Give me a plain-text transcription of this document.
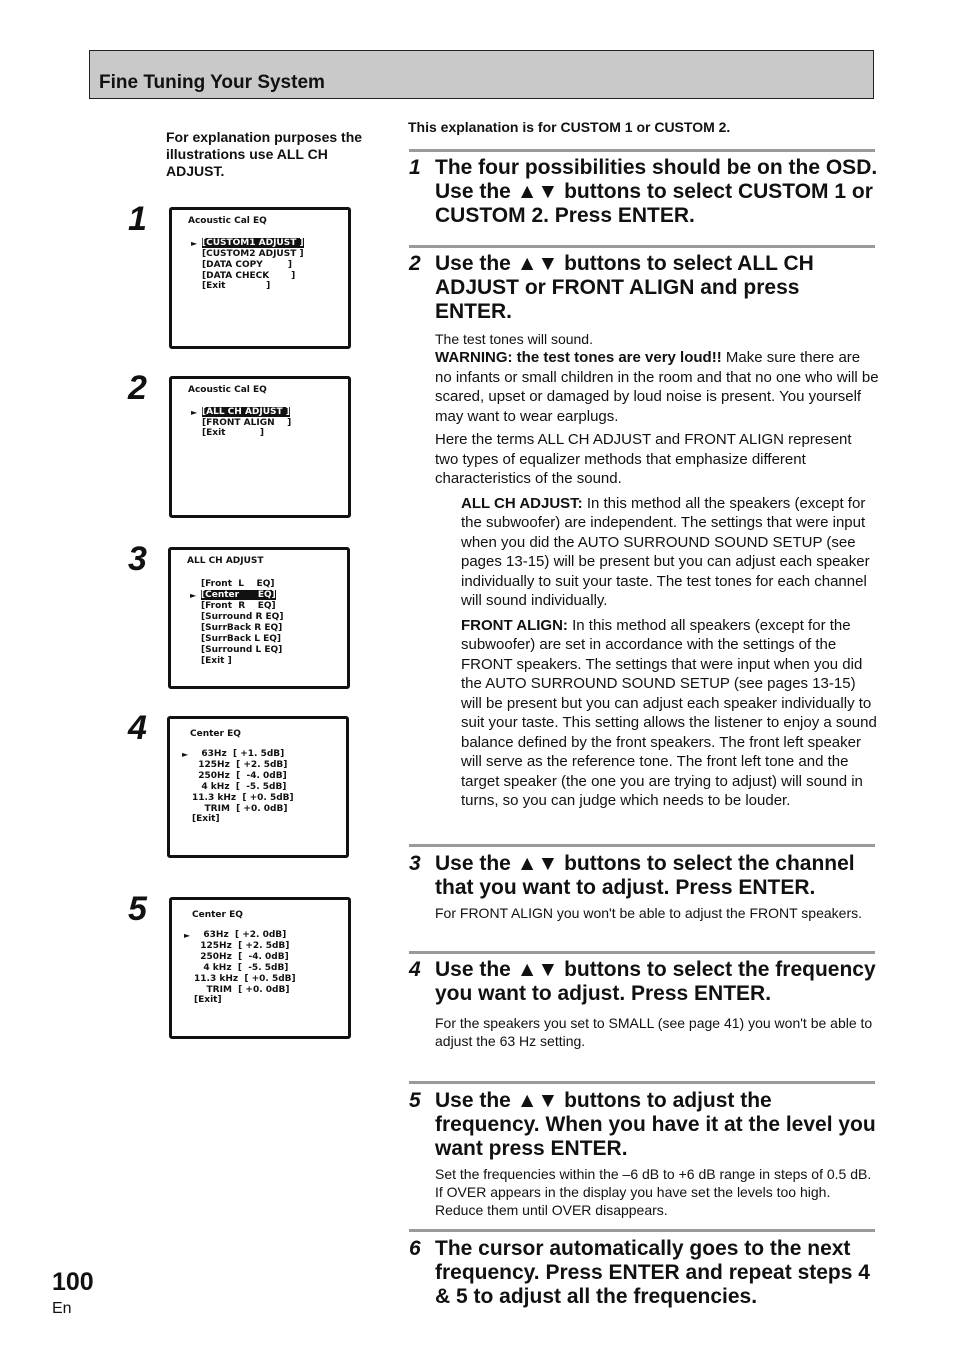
Fine Tuning Your System
For explanation purposes the illustrations use ALL CH ADJUST.
This explanation is for CUSTOM 1 or CUSTOM 2.
1	Acoustic Cal EQ
► [CUSTOM1 ADJUST ]
[CUSTOM2 ADJUST ]
[DATA COPY        ]
[DATA CHECK       ]
[Exit             ]
2	Acoustic Cal EQ
► [ALL CH ADJUST ]
[FRONT ALIGN    ]
[Exit           ]
3	ALL CH ADJUST
[Front  L    EQ]
► [Center      EQ]
[Front  R    EQ]
[Surround R EQ]
[SurrBack R EQ]
[SurrBack L EQ]
[Surround L EQ]
[Exit ]
4	Center EQ
► 63Hz  [ +1. 5dB]
125Hz  [ +2. 5dB]
250Hz  [  -4. 0dB]
4 kHz  [  -5. 5dB]
11.3 kHz  [ +0. 5dB]
TRIM  [ +0. 0dB]
[Exit]
5	Center EQ
► 63Hz  [ +2. 0dB]
125Hz  [ +2. 5dB]
250Hz  [  -4. 0dB]
4 kHz  [  -5. 5dB]
11.3 kHz  [ +0. 5dB]
TRIM  [ +0. 0dB]
[Exit]
1 The four possibilities should be on the OSD. Use the ▲▼ buttons to select CUSTOM 1 or CUSTOM 2. Press ENTER.
2 Use the ▲▼ buttons to select ALL CH ADJUST or FRONT ALIGN and press ENTER.
The test tones will sound.
WARNING: the test tones are very loud!! Make sure there are no infants or small children in the room and that no one who will be scared, upset or damaged by loud noise is present. You yourself may want to wear earplugs.
Here the terms ALL CH ADJUST and FRONT ALIGN represent two types of equalizer methods that emphasize different characteristics of the sound.
ALL CH ADJUST: In this method all the speakers (except for the subwoofer) are independent. The settings that were input when you did the AUTO SURROUND SOUND SETUP (see pages 13-15) will be present but you can adjust each speaker individually to suit your taste. The test tones for each channel will sound individually.
FRONT ALIGN: In this method all speakers (except for the subwoofer) are set in accordance with the settings of the FRONT speakers. The settings that were input when you did the AUTO SURROUND SOUND SETUP (see pages 13-15) will be present but you can adjust each speaker individually to suit your taste. This setting allows the listener to enjoy a sound balance defined by the front speakers. The front left speaker will serve as the reference tone. The front left tone and the target speaker (the one you are trying to adjust) will sound in turns, so you can judge which needs to be louder.
3 Use the ▲▼ buttons to select the channel that you want to adjust. Press ENTER.
For FRONT ALIGN you won't be able to adjust the FRONT speakers.
4 Use the ▲▼ buttons to select the frequency you want to adjust. Press ENTER.
For the speakers you set to SMALL (see page 41) you won't be able to adjust the 63 Hz setting.
5 Use the ▲▼ buttons to adjust the frequency. When you have it at the level you want press ENTER.
Set the frequencies within the –6 dB to +6 dB range in steps of 0.5 dB. If OVER appears in the display you have set the levels too high. Reduce them until OVER disappears.
6 The cursor automatically goes to the next frequency. Press ENTER and repeat steps 4 & 5 to adjust all the frequencies.
100
En
